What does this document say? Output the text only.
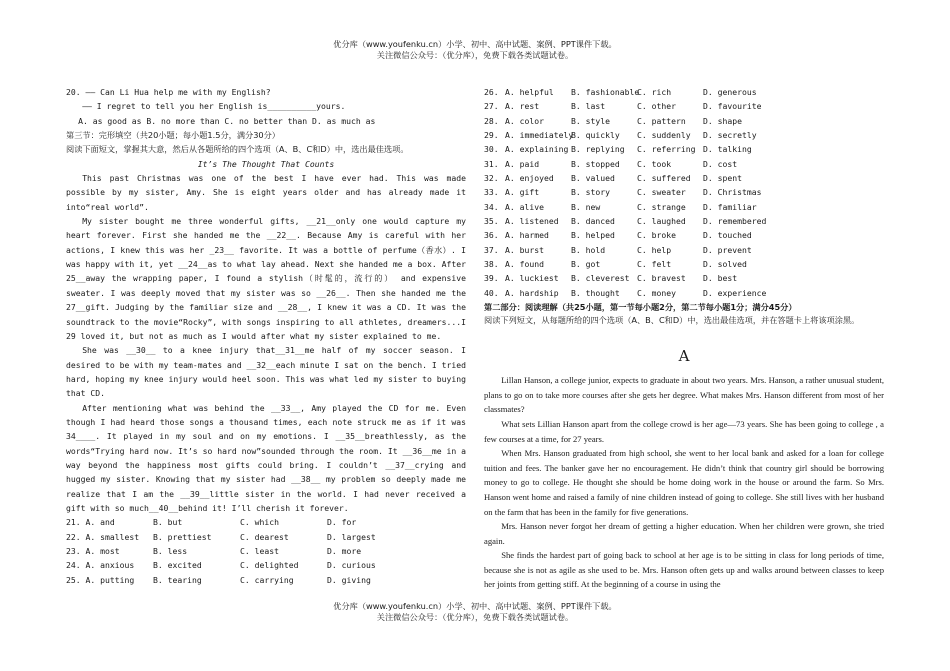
优分库（www.youfenku.cn）小学、初中、高中试题、案例、PPT课件下载。
关注微信公众号：（优分库），免费下载各类试题试卷。
20. —— Can Li Hua help me with my English?
—— I regret to tell you her English is__________yours.
A. as good as B. no more than C. no better than D. as much as
第三节：完形填空（共20小题；每小题1.5分，满分30分）
阅读下面短文，掌握其大意，然后从各题所给的四个选项（A、B、C和D）中，选出最佳选项。
It’s The Thought That Counts
This past Christmas was one of the best I have ever had. This was made possible by my sister, Amy. She is eight years older and has already made it into“real world”.
My sister bought me three wonderful gifts, __21__only one would capture my heart forever. First she handed me the __22__. Because Amy is careful with her actions, I knew this was her _23__ favorite. It was a bottle of perfume（香水）. I was happy with it, yet __24__as to what lay ahead. Next she handed me a box. After 25__away the wrapping paper, I found a stylish（时髦的，流行的） and expensive sweater. I was deeply moved that my sister was so __26__. Then she handed me the 27__gift. Judging by the familiar size and __28__, I knew it was a CD. It was the soundtrack to the movie“Rocky”, with songs inspiring to all athletes, dreamers...I 29 loved it, but not as much as I would after what my sister explained to me.
She was __30__ to a knee injury that__31__me half of my soccer season. I desired to be with my team-mates and __32__each minute I sat on the bench. I tried hard, hoping my knee injury would heel soon. This was what led my sister to buying that CD.
After mentioning what was behind the __33__, Amy played the CD for me. Even though I had heard those songs a thousand times, each note struck me as if it was 34____. It played in my soul and on my emotions. I __35__breathlessly, as the words“Trying hard now. It’s so hard now”sounded through the room. It __36__me in a way beyond the happiness most gifts could bring. I couldn’t __37__crying and hugged my sister. Knowing that my sister had __38__ my problem so deeply made me realize that I am the __39__little sister in the world. I had never received a gift with so much__40__behind it! I’ll cherish it forever.
21. A. and	B. but	C. which	D. for
22. A. smallest B. prettiest	C. dearest	D. largest
23. A. most	B. less	C. least	D. more
24. A. anxious B. excited	C. delighted	D. curious
25. A. putting B. tearing	C. carrying	D. giving
26. A. helpful B. fashionableC. rich	D. generous
27. A. rest	B. last	C. other	D. favourite
28. A. color	B. style	C. pattern D. shape
29. A. immediatelyB. quickly C. suddenly D. secretly
30. A. explaining B. replying C. referring D. talking
31. A. paid	B. stopped C. took	D. cost
32. A. enjoyed B. valued	C. suffered D. spent
33. A. gift	B. story	C. sweater D. Christmas
34. A. alive	B. new	C. strange D. familiar
35. A. listened B. danced	C. laughed D. remembered
36. A. harmed	B. helped	C. broke	D. touched
37. A. burst	B. hold	C. help	D. prevent
38. A. found	B. got	C. felt	D. solved
39. A. luckiest B. cleverest C. bravest D. best
40. A. hardship B. thought C. money	D. experience
第二部分：阅读理解（共25小题，第一节每小题2分，第二节每小题1分；满分45分）
阅读下列短文，从每题所给的四个选项（A、B、C和D）中，选出最佳选项，并在答题卡上将该项涂黑。
A

Lillan Hanson, a college junior, expects to graduate in about two years. Mrs. Hanson, a rather unusual student, plans to go on to take more courses after she gets her degree. What makes Mrs. Hanson different from most of her classmates?

What sets Lillian Hanson apart from the college crowd is her age—73 years. She has been going to college , a few courses at a time, for 27 years.

When Mrs. Hanson graduated from high school, she went to her local bank and asked for a loan for college tuition and fees. The banker gave her no encouragement. He didn’t think that country girl should be borrowing money to go to college. He thought she should be home doing work in the house or around the farm. So Mrs. Hanson went home and raised a family of nine children instead of going to college. She still lives with her husband on the farm that has been in the family for five generations.

Mrs. Hanson never forgot her dream of getting a higher education. When her children were grown, she tried again.

She finds the hardest part of going back to school at her age is to be sitting in class for long periods of time, because she is not as agile as she used to be. Mrs. Hanson often gets up and walks around between classes to keep her joints from getting stiff. At the beginning of a course in using the

优分库（www.youfenku.cn）小学、初中、高中试题、案例、PPT课件下载。
关注微信公众号：（优分库），免费下载各类试题试卷。
